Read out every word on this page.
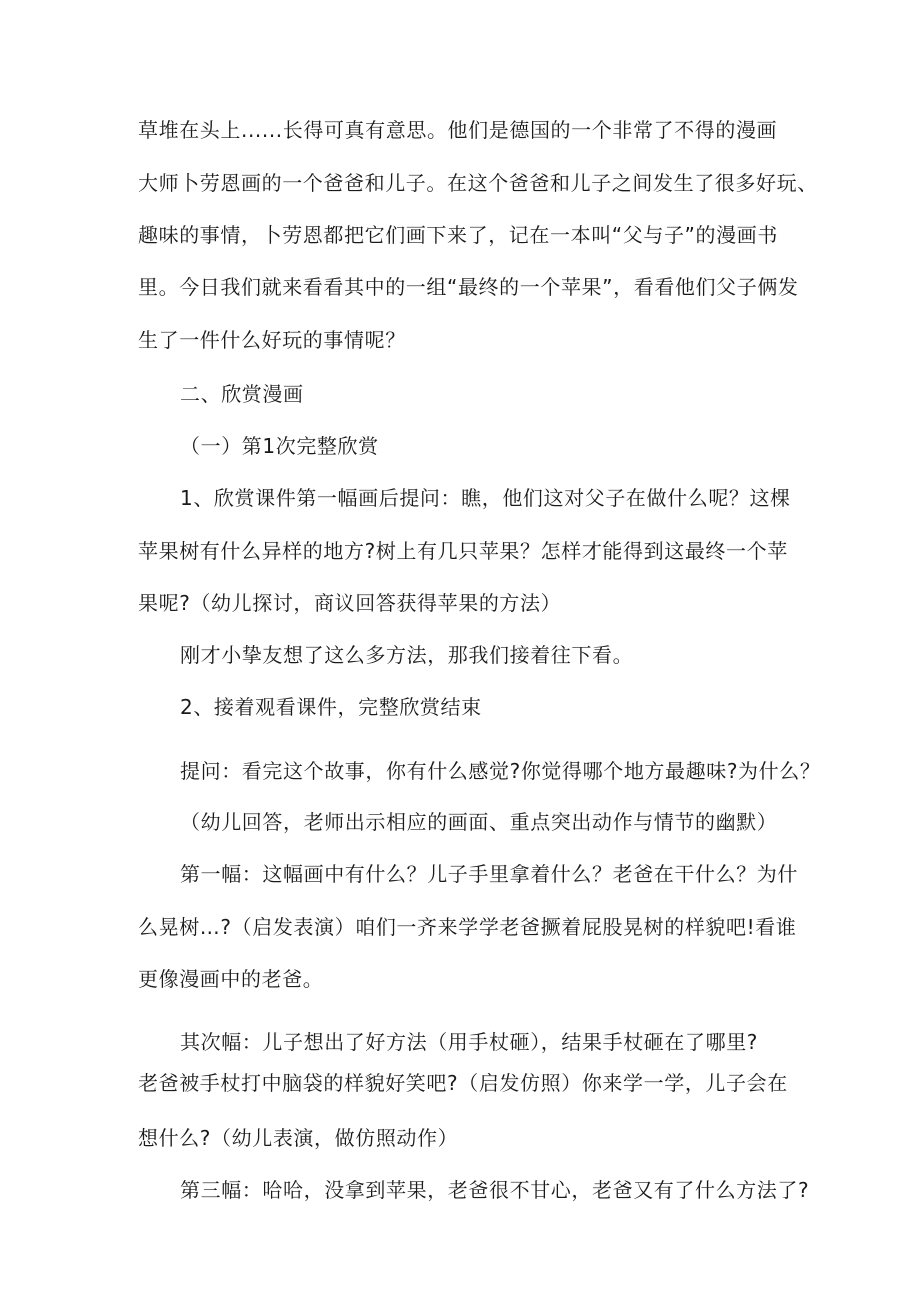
草堆在头上......长得可真有意思。他们是德国的一个非常了不得的漫画
大师卜劳恩画的一个爸爸和儿子。在这个爸爸和儿子之间发生了很多好玩、
趣味的事情，卜劳恩都把它们画下来了，记在一本叫“父与子”的漫画书
里。今日我们就来看看其中的一组“最终的一个苹果”，看看他们父子俩发
生了一件什么好玩的事情呢？
二、欣赏漫画
（一）第1次完整欣赏
1、欣赏课件第一幅画后提问：瞧，他们这对父子在做什么呢？这棵
苹果树有什么异样的地方?树上有几只苹果？怎样才能得到这最终一个苹
果呢?（幼儿探讨，商议回答获得苹果的方法）
刚才小挚友想了这么多方法，那我们接着往下看。
2、接着观看课件，完整欣赏结束
提问：看完这个故事，你有什么感觉?你觉得哪个地方最趣味?为什么？
（幼儿回答，老师出示相应的画面、重点突出动作与情节的幽默）
第一幅：这幅画中有什么？儿子手里拿着什么？老爸在干什么？为什
么晃树…?（启发表演）咱们一齐来学学老爸撅着屁股晃树的样貌吧!看谁
更像漫画中的老爸。
其次幅：儿子想出了好方法（用手杖砸），结果手杖砸在了哪里?
老爸被手杖打中脑袋的样貌好笑吧?（启发仿照）你来学一学，儿子会在
想什么?（幼儿表演，做仿照动作）
第三幅：哈哈，没拿到苹果，老爸很不甘心，老爸又有了什么方法了?
